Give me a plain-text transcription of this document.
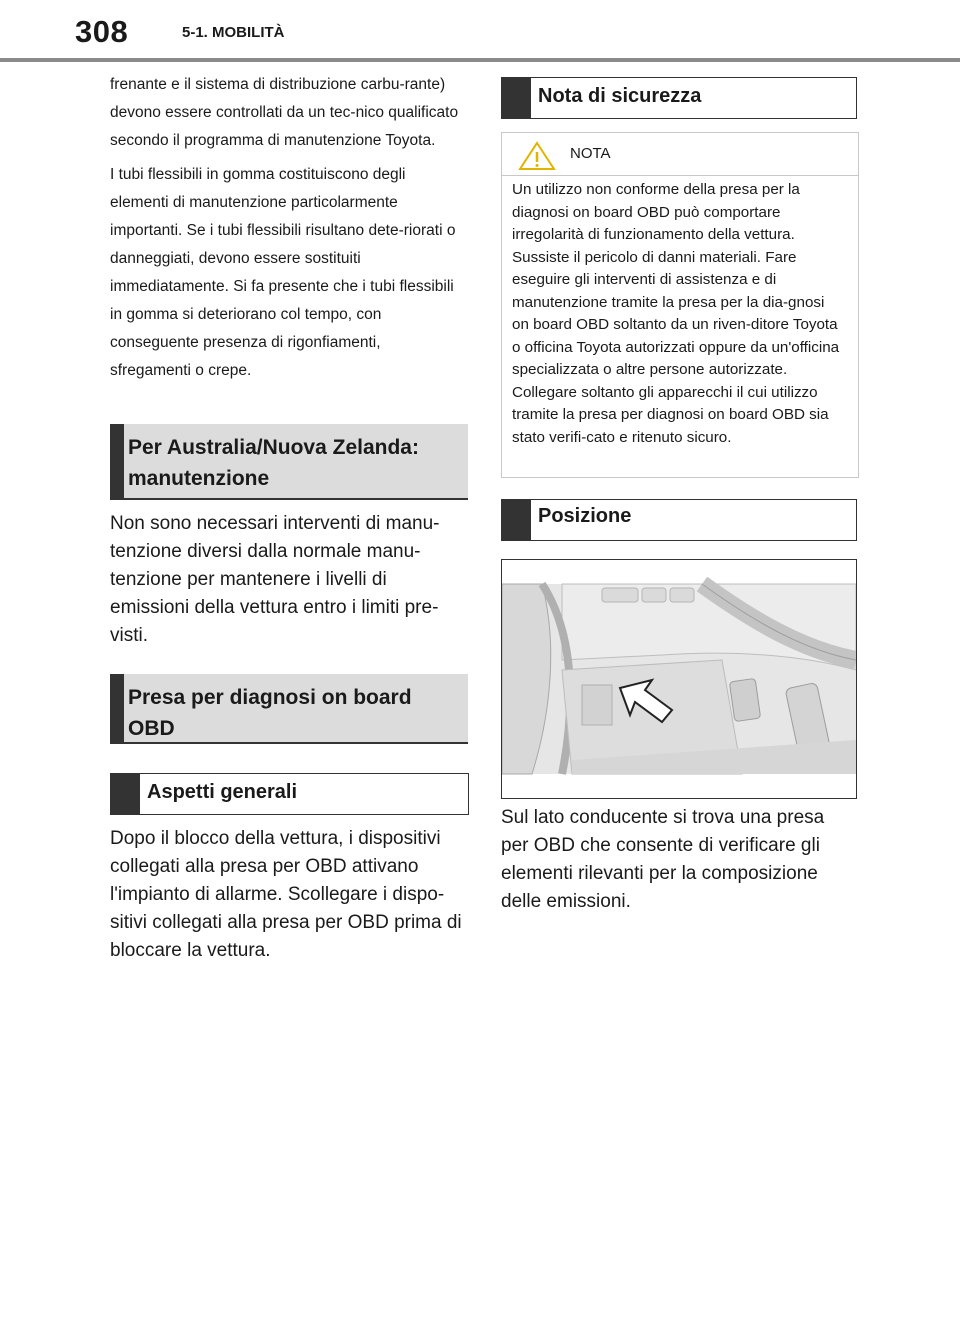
308	5-1. MOBILITÀ

frenante e il sistema di distribuzione carbu-rante) devono essere controllati da un tec-nico qualificato secondo il programma di manutenzione Toyota.

I tubi flessibili in gomma costituiscono degli elementi di manutenzione particolarmente importanti. Se i tubi flessibili risultano dete-riorati o danneggiati, devono essere sostituiti immediatamente. Si fa presente che i tubi flessibili in gomma si deteriorano col tempo, con conseguente presenza di rigonfiamenti, sfregamenti o crepe.

Per Australia/Nuova Zelanda: manutenzione

Non sono necessari interventi di manu-tenzione diversi dalla normale manu-tenzione per mantenere i livelli di emissioni della vettura entro i limiti pre-visti.

Presa per diagnosi on board OBD
Aspetti generali

Dopo il blocco della vettura, i dispositivi collegati alla presa per OBD attivano l'impianto di allarme. Scollegare i dispo-sitivi collegati alla presa per OBD prima di bloccare la vettura.

Nota di sicurezza
NOTA
Un utilizzo non conforme della presa per la diagnosi on board OBD può comportare irregolarità di funzionamento della vettura. Sussiste il pericolo di danni materiali. Fare eseguire gli interventi di assistenza e di manutenzione tramite la presa per la dia-gnosi on board OBD soltanto da un riven-ditore Toyota o officina Toyota autorizzati oppure da un'officina specializzata o altre persone autorizzate. Collegare soltanto gli apparecchi il cui utilizzo tramite la presa per diagnosi on board OBD sia stato verifi-cato e ritenuto sicuro.
Posizione

Sul lato conducente si trova una presa per OBD che consente di verificare gli elementi rilevanti per la composizione delle emissioni.
